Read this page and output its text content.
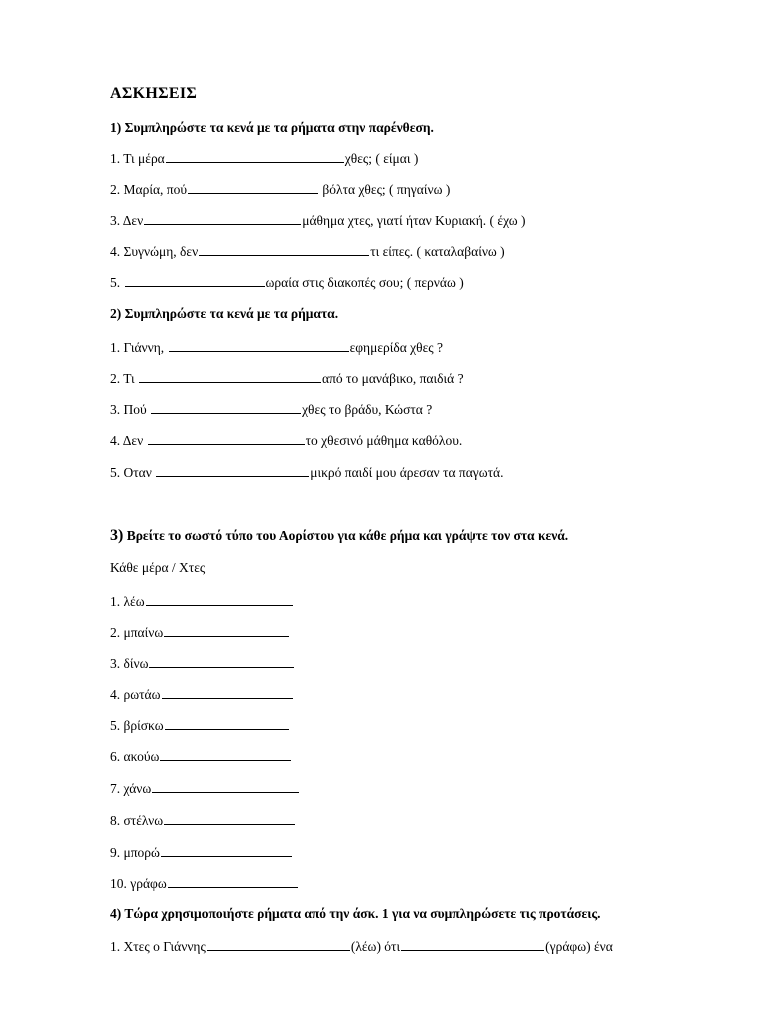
ΑΣΚΗΣΕΙΣ
1) Συμπληρώστε τα κενά με τα ρήματα στην παρένθεση.
1. Τι μέρα	χθες; ( είμαι )
2. Μαρία, πού	βόλτα χθες; ( πηγαίνω )
3. Δεν	μάθημα χτες, γιατί ήταν Κυριακή. ( έχω )
4. Συγνώμη, δεν	τι είπες. ( καταλαβαίνω )
5.	ωραία στις διακοπές σου; ( περνάω )
2) Συμπληρώστε τα κενά με τα ρήματα.
1. Γιάννη,	εφημερίδα χθες ?
2. Τι	από το μανάβικο, παιδιά ?
3. Πού	χθες το βράδυ, Κώστα ?
4. Δεν	το χθεσινό μάθημα καθόλου.
5. Οταν	μικρό παιδί μου άρεσαν τα παγωτά.
3) Βρείτε το σωστό τύπο του Αορίστου για κάθε ρήμα και γράψτε τον στα κενά.
Κάθε μέρα / Χτες
1. λέω
2. μπαίνω
3. δίνω
4. ρωτάω
5. βρίσκω
6. ακούω
7. χάνω
8. στέλνω
9. μπορώ
10. γράφω
4) Τώρα χρησιμοποιήστε ρήματα από την άσκ. 1 για να συμπληρώσετε τις προτάσεις.
1. Χτες ο Γιάννης	(λέω) ότι	(γράφω) ένα
